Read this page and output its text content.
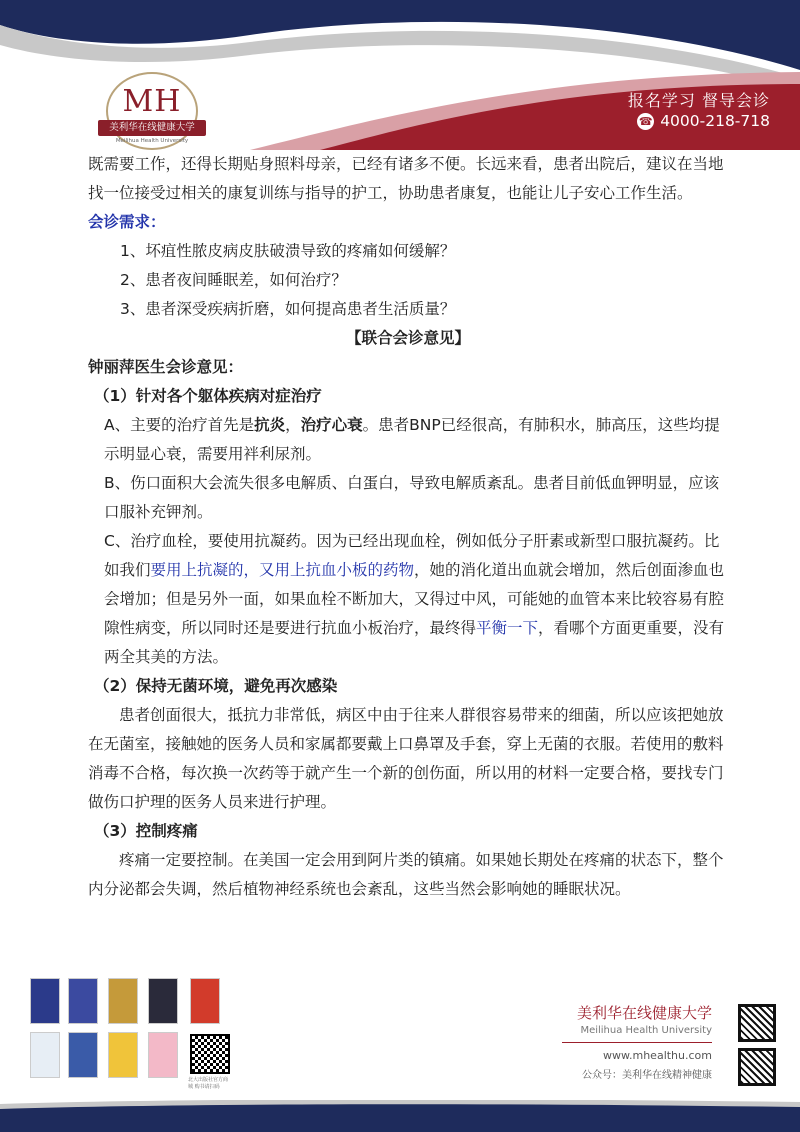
MH
美利华在线健康大学
Meilihua Health University
报名学习 督导会诊
☎ 4000-218-718

既需要工作，还得长期贴身照料母亲，已经有诸多不便。长远来看，患者出院后，建议在当地找一位接受过相关的康复训练与指导的护工，协助患者康复，也能让儿子安心工作生活。

会诊需求：

1、坏疽性脓皮病皮肤破溃导致的疼痛如何缓解？

2、患者夜间睡眠差，如何治疗？

3、患者深受疾病折磨，如何提高患者生活质量？

【联合会诊意见】

钟丽萍医生会诊意见：

（1）针对各个躯体疾病对症治疗

A、主要的治疗首先是抗炎，治疗心衰。患者BNP已经很高，有肺积水，肺高压，这些均提示明显心衰，需要用袢利尿剂。

B、伤口面积大会流失很多电解质、白蛋白，导致电解质紊乱。患者目前低血钾明显，应该口服补充钾剂。

C、治疗血栓，要使用抗凝药。因为已经出现血栓，例如低分子肝素或新型口服抗凝药。比如我们要用上抗凝的，又用上抗血小板的药物，她的消化道出血就会增加，然后创面渗血也会增加；但是另外一面，如果血栓不断加大，又得过中风，可能她的血管本来比较容易有腔隙性病变，所以同时还是要进行抗血小板治疗，最终得平衡一下，看哪个方面更重要，没有两全其美的方法。

（2）保持无菌环境，避免再次感染

患者创面很大，抵抗力非常低，病区中由于往来人群很容易带来的细菌，所以应该把她放在无菌室，接触她的医务人员和家属都要戴上口鼻罩及手套，穿上无菌的衣服。若使用的敷料消毒不合格，每次换一次药等于就产生一个新的创伤面，所以用的材料一定要合格，要找专门做伤口护理的医务人员来进行护理。

（3）控制疼痛

疼痛一定要控制。在美国一定会用到阿片类的镇痛。如果她长期处在疼痛的状态下，整个内分泌都会失调，然后植物神经系统也会紊乱，这些当然会影响她的睡眠状况。

北大出版社官方商城 购书请扫码
美利华在线健康大学
Meilihua Health University
www.mhealthu.com
公众号：美利华在线精神健康
